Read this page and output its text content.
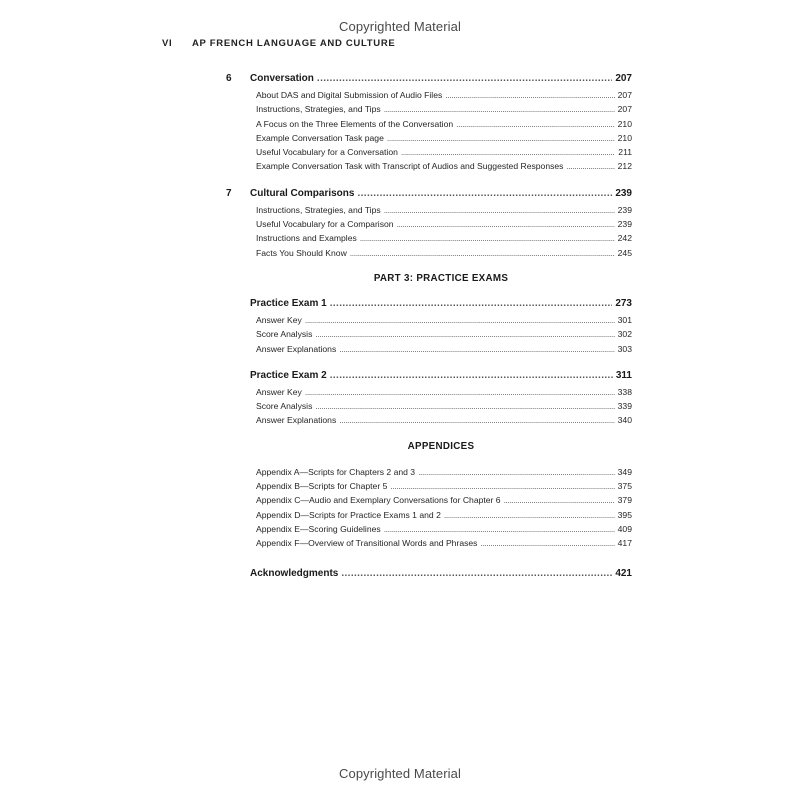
Copyrighted Material
VI AP FRENCH LANGUAGE AND CULTURE
6	Conversation . . .	207
About DAS and Digital Submission of Audio Files . . .	207
Instructions, Strategies, and Tips . . .	207
A Focus on the Three Elements of the Conversation . . .	210
Example Conversation Task page . . .	210
Useful Vocabulary for a Conversation . . .	211
Example Conversation Task with Transcript of Audios and Suggested Responses . . .	212
7	Cultural Comparisons . . .	239
Instructions, Strategies, and Tips . . .	239
Useful Vocabulary for a Comparison . . .	239
Instructions and Examples . . .	242
Facts You Should Know . . .	245
PART 3: PRACTICE EXAMS
Practice Exam 1 . . .	273
Answer Key . . .	301
Score Analysis . . .	302
Answer Explanations . . .	303
Practice Exam 2 . . .	311
Answer Key . . .	338
Score Analysis . . .	339
Answer Explanations . . .	340
APPENDICES
Appendix A—Scripts for Chapters 2 and 3 . . .	349
Appendix B—Scripts for Chapter 5 . . .	375
Appendix C—Audio and Exemplary Conversations for Chapter 6 . . .	379
Appendix D—Scripts for Practice Exams 1 and 2 . . .	395
Appendix E—Scoring Guidelines . . .	409
Appendix F—Overview of Transitional Words and Phrases . . .	417
Acknowledgments . . .	421
Copyrighted Material
